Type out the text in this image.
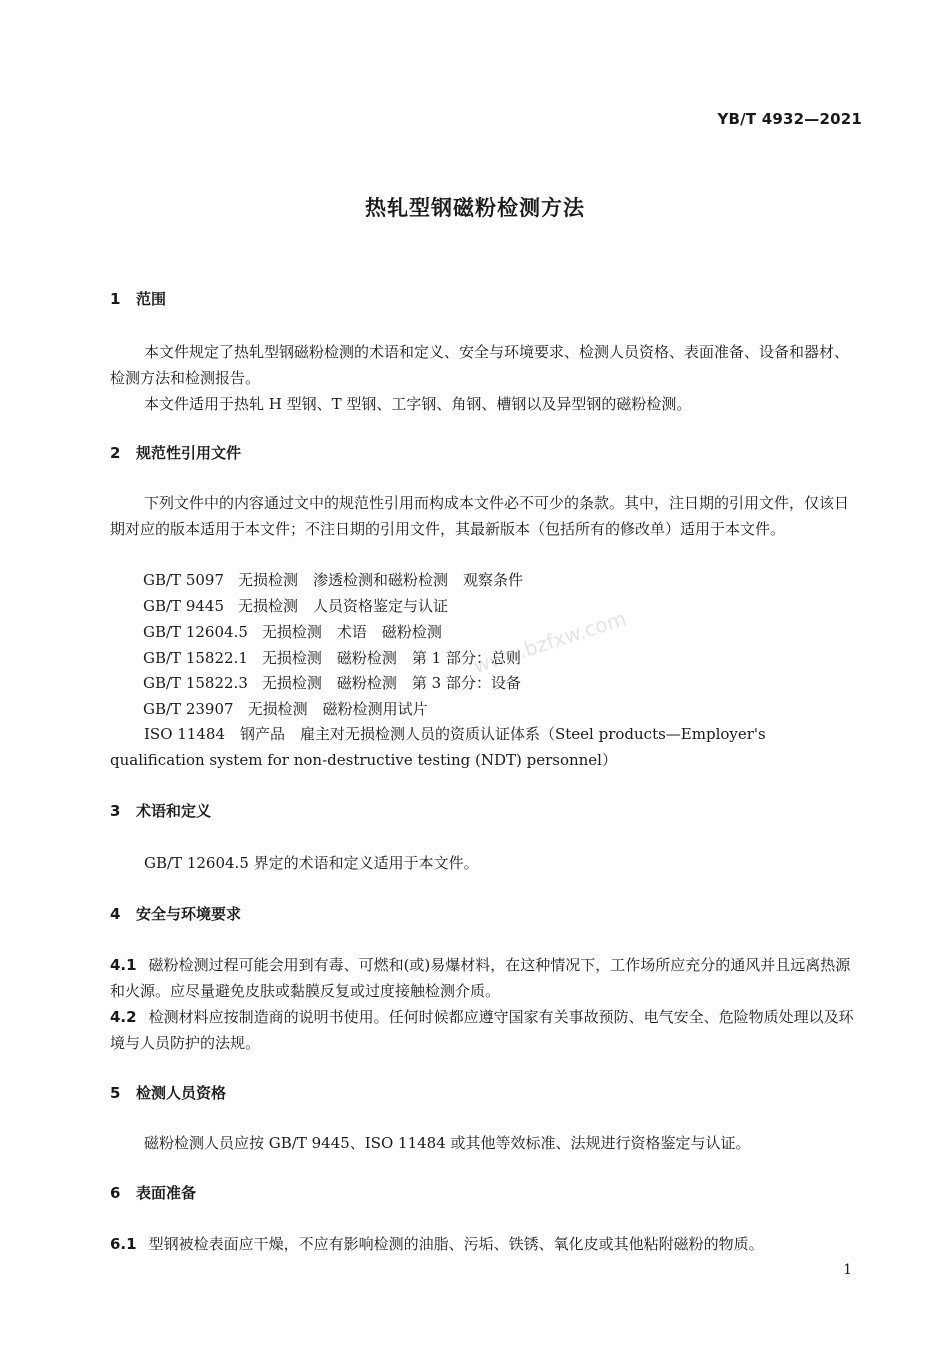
YB/T 4932—2021
热轧型钢磁粉检测方法
www.bzfxw.com
1 范围
本文件规定了热轧型钢磁粉检测的术语和定义、安全与环境要求、检测人员资格、表面准备、设备和器材、检测方法和检测报告。
本文件适用于热轧 H 型钢、T 型钢、工字钢、角钢、槽钢以及异型钢的磁粉检测。
2 规范性引用文件
下列文件中的内容通过文中的规范性引用而构成本文件必不可少的条款。其中，注日期的引用文件，仅该日期对应的版本适用于本文件；不注日期的引用文件，其最新版本（包括所有的修改单）适用于本文件。
GB/T 5097 无损检测　渗透检测和磁粉检测　观察条件
GB/T 9445 无损检测　人员资格鉴定与认证
GB/T 12604.5 无损检测　术语　磁粉检测
GB/T 15822.1 无损检测　磁粉检测　第 1 部分：总则
GB/T 15822.3 无损检测　磁粉检测　第 3 部分：设备
GB/T 23907 无损检测　磁粉检测用试片
ISO 11484　钢产品　雇主对无损检测人员的资质认证体系（Steel products—Employer's qualification system for non-destructive testing (NDT) personnel）
3 术语和定义
GB/T 12604.5 界定的术语和定义适用于本文件。
4 安全与环境要求
4.1 磁粉检测过程可能会用到有毒、可燃和(或)易爆材料，在这种情况下，工作场所应充分的通风并且远离热源和火源。应尽量避免皮肤或黏膜反复或过度接触检测介质。
4.2 检测材料应按制造商的说明书使用。任何时候都应遵守国家有关事故预防、电气安全、危险物质处理以及环境与人员防护的法规。
5 检测人员资格
磁粉检测人员应按 GB/T 9445、ISO 11484 或其他等效标准、法规进行资格鉴定与认证。
6 表面准备
6.1 型钢被检表面应干燥，不应有影响检测的油脂、污垢、铁锈、氧化皮或其他粘附磁粉的物质。
1
